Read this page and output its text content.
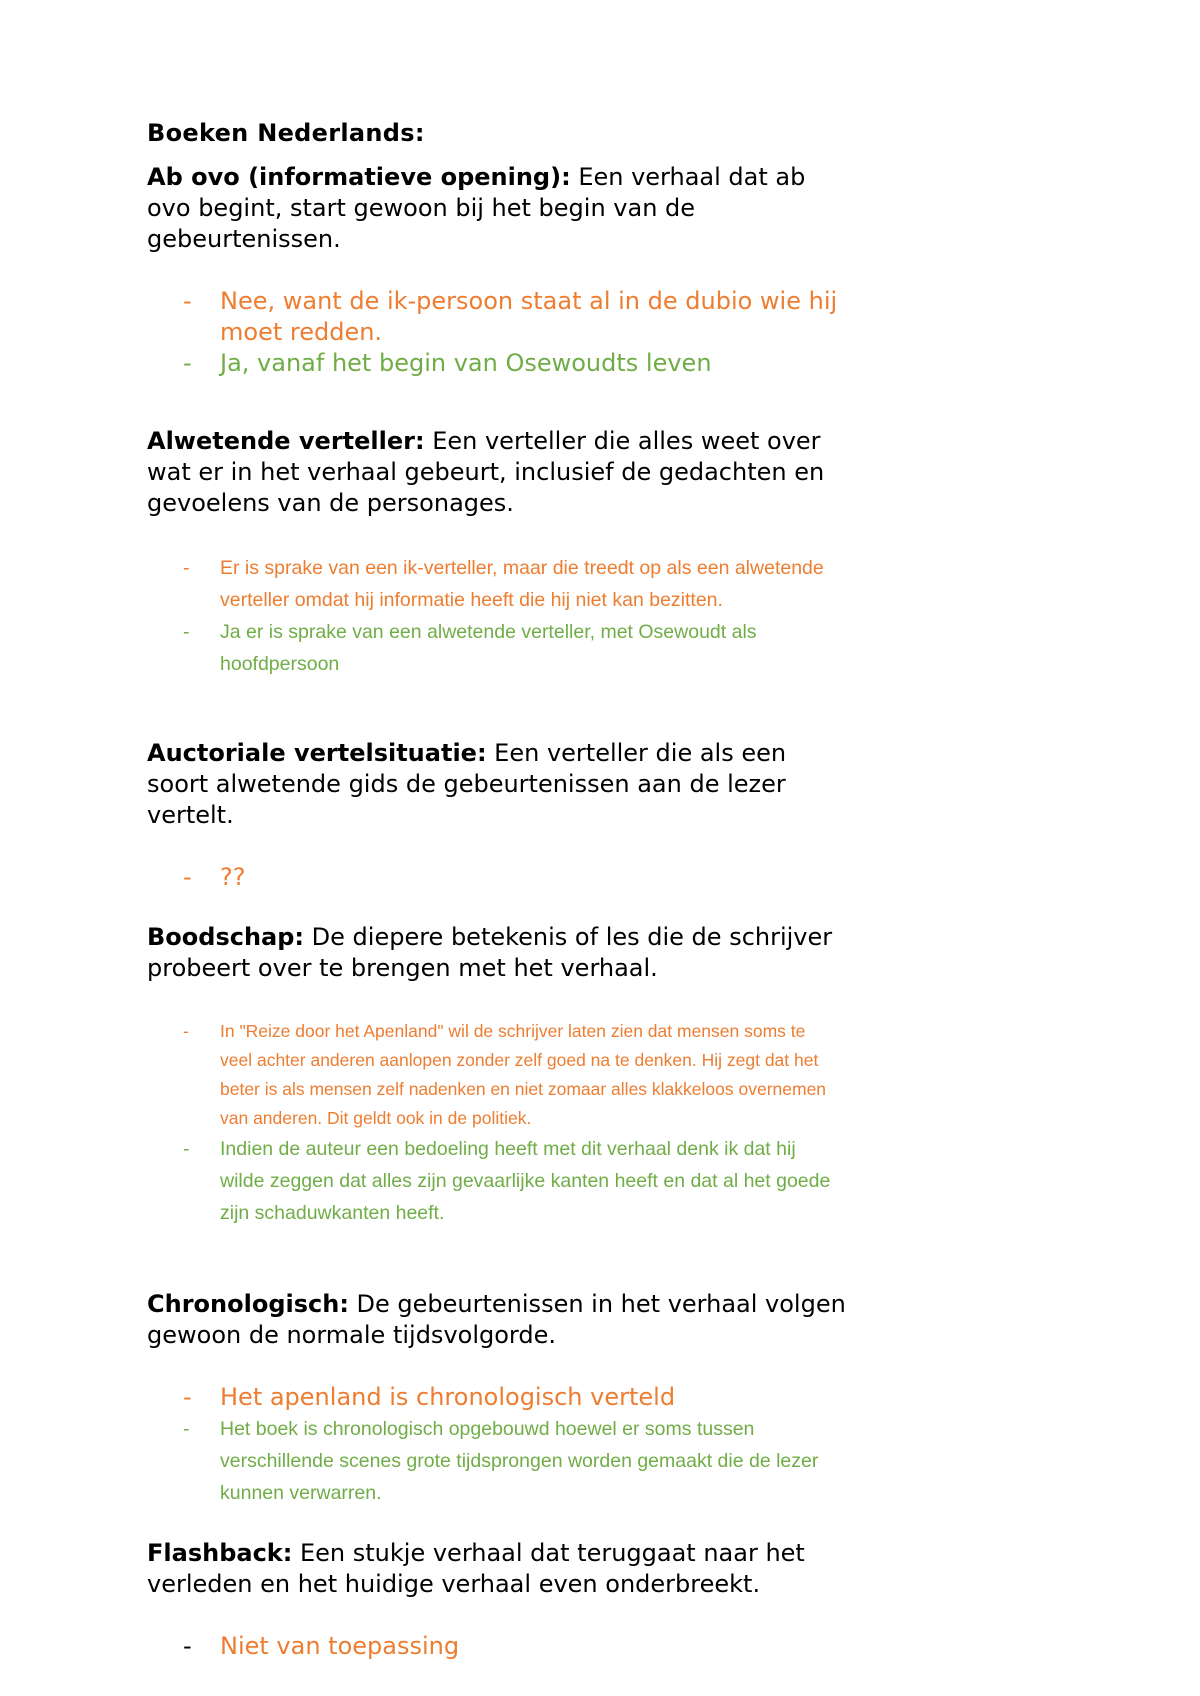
Boeken Nederlands:

Ab ovo (informatieve opening): Een verhaal dat ab ovo begint, start gewoon bij het begin van de gebeurtenissen.

- Nee, want de ik-persoon staat al in de dubio wie hij moet redden.
- Ja, vanaf het begin van Osewoudts leven

Alwetende verteller: Een verteller die alles weet over wat er in het verhaal gebeurt, inclusief de gedachten en gevoelens van de personages.

- Er is sprake van een ik-verteller, maar die treedt op als een alwetende verteller omdat hij informatie heeft die hij niet kan bezitten.
- Ja er is sprake van een alwetende verteller, met Osewoudt als hoofdpersoon

Auctoriale vertelsituatie: Een verteller die als een soort alwetende gids de gebeurtenissen aan de lezer vertelt.

- ??

Boodschap: De diepere betekenis of les die de schrijver probeert over te brengen met het verhaal.

- In "Reize door het Apenland" wil de schrijver laten zien dat mensen soms te veel achter anderen aanlopen zonder zelf goed na te denken. Hij zegt dat het beter is als mensen zelf nadenken en niet zomaar alles klakkeloos overnemen van anderen. Dit geldt ook in de politiek.
- Indien de auteur een bedoeling heeft met dit verhaal denk ik dat hij wilde zeggen dat alles zijn gevaarlijke kanten heeft en dat al het goede zijn schaduwkanten heeft.

Chronologisch: De gebeurtenissen in het verhaal volgen gewoon de normale tijdsvolgorde.

- Het apenland is chronologisch verteld
- Het boek is chronologisch opgebouwd hoewel er soms tussen verschillende scenes grote tijdsprongen worden gemaakt die de lezer kunnen verwarren.

Flashback: Een stukje verhaal dat teruggaat naar het verleden en het huidige verhaal even onderbreekt.

- Niet van toepassing
